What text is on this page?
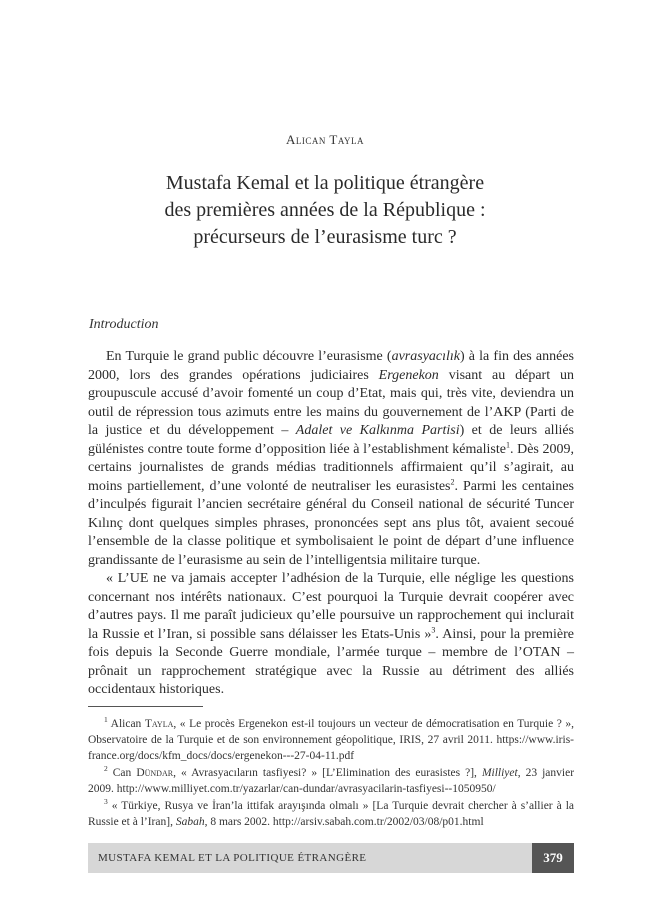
Alican Tayla
Mustafa Kemal et la politique étrangère
des premières années de la République :
précurseurs de l’eurasisme turc ?
Introduction

En Turquie le grand public découvre l’eurasisme (avrasyacılık) à la fin des années 2000, lors des grandes opérations judiciaires Ergenekon visant au départ un groupuscule accusé d’avoir fomenté un coup d’Etat, mais qui, très vite, deviendra un outil de répression tous azimuts entre les mains du gouvernement de l’AKP (Parti de la justice et du développement – Adalet ve Kalkınma Partisi) et de leurs alliés gülénistes contre toute forme d’opposition liée à l’establishment kémaliste$^1$. Dès 2009, certains journalistes de grands médias traditionnels affirmaient qu’il s’agirait, au moins partiellement, d’une volonté de neutraliser les eurasistes$^2$. Parmi les centaines d’inculpés figurait l’ancien secrétaire général du Conseil national de sécurité Tuncer Kılınç dont quelques simples phrases, prononcées sept ans plus tôt, avaient secoué l’ensemble de la classe politique et symbolisaient le point de départ d’une influence grandissante de l’eurasisme au sein de l’intelligentsia militaire turque.

« L’UE ne va jamais accepter l’adhésion de la Turquie, elle néglige les questions concernant nos intérêts nationaux. C’est pourquoi la Turquie devrait coopérer avec d’autres pays. Il me paraît judicieux qu’elle poursuive un rapprochement qui inclurait la Russie et l’Iran, si possible sans délaisser les Etats-Unis »$^3$. Ainsi, pour la première fois depuis la Seconde Guerre mondiale, l’armée turque – membre de l’OTAN – prônait un rapprochement stratégique avec la Russie au détriment des alliés occidentaux historiques.

$^1$ Alican Tayla, « Le procès Ergenekon est-il toujours un vecteur de démocratisation en Turquie ? », Observatoire de la Turquie et de son environnement géopolitique, IRIS, 27 avril 2011. https://www.iris-france.org/docs/kfm_docs/docs/ergenekon---27-04-11.pdf

$^2$ Can Dündar, « Avrasyacıların tasfiyesi? » [L’Elimination des eurasistes ?], Milliyet, 23 janvier 2009. http://www.milliyet.com.tr/yazarlar/can-dundar/avrasyacilarin-tasfiyesi--1050950/

$^3$ « Türkiye, Rusya ve İran’la ittifak arayışında olmalı » [La Turquie devrait chercher à s’allier à la Russie et à l’Iran], Sabah, 8 mars 2002. http://arsiv.sabah.com.tr/2002/03/08/p01.html

MUSTAFA KEMAL ET LA POLITIQUE ÉTRANGÈRE	379
